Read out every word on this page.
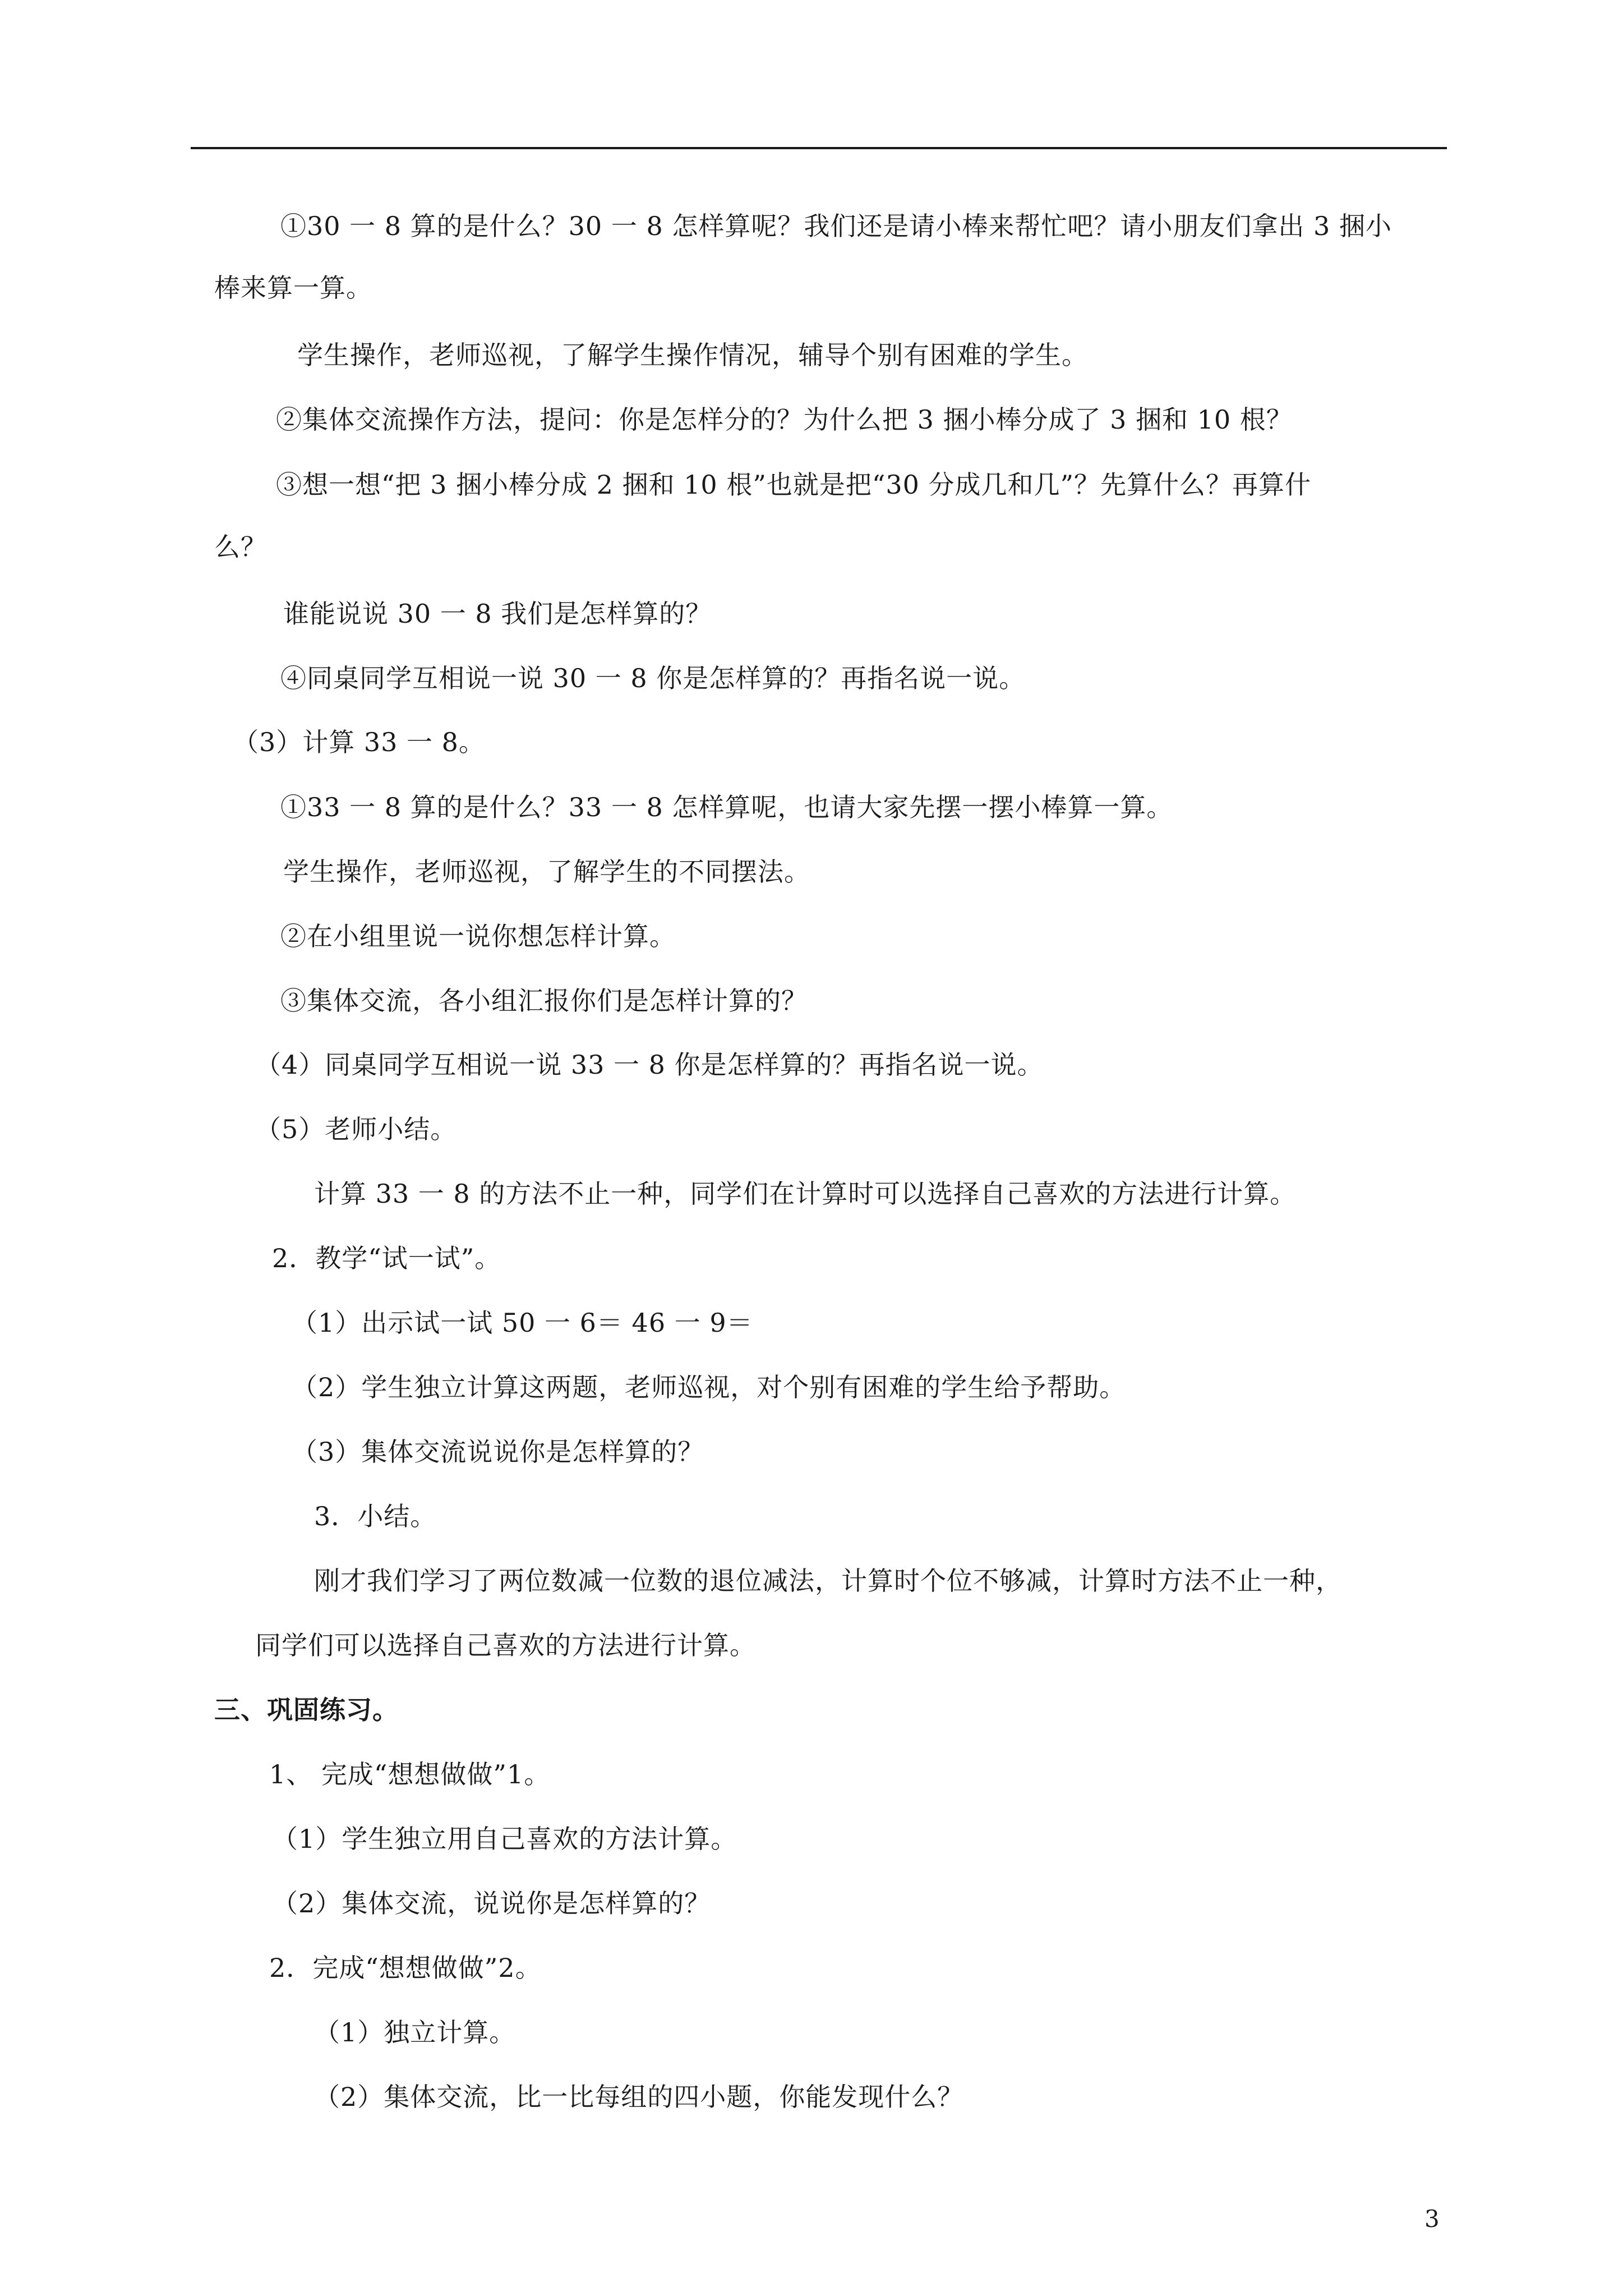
①30 一 8 算的是什么？30 一 8 怎样算呢？我们还是请小棒来帮忙吧？请小朋友们拿出 3 捆小
棒来算一算。
学生操作，老师巡视，了解学生操作情况，辅导个别有困难的学生。
②集体交流操作方法，提问：你是怎样分的？为什么把 3 捆小棒分成了 3 捆和 10 根？
③想一想“把 3 捆小棒分成 2 捆和 10 根”也就是把“30 分成几和几”？先算什么？再算什
么？
谁能说说 30 一 8 我们是怎样算的？
④同桌同学互相说一说 30 一 8 你是怎样算的？再指名说一说。
（3）计算 33 一 8。
①33 一 8 算的是什么？33 一 8 怎样算呢，也请大家先摆一摆小棒算一算。
学生操作，老师巡视，了解学生的不同摆法。
②在小组里说一说你想怎样计算。
③集体交流，各小组汇报你们是怎样计算的？
（4）同桌同学互相说一说 33 一 8 你是怎样算的？再指名说一说。
（5）老师小结。
计算 33 一 8 的方法不止一种，同学们在计算时可以选择自己喜欢的方法进行计算。
2．教学“试一试”。
（1）出示试一试 50 一 6＝ 46 一 9＝
（2）学生独立计算这两题，老师巡视，对个别有困难的学生给予帮助。
（3）集体交流说说你是怎样算的？
3．小结。
刚才我们学习了两位数减一位数的退位减法，计算时个位不够减，计算时方法不止一种，
同学们可以选择自己喜欢的方法进行计算。
三、巩固练习。
1、 完成“想想做做”1。
（1）学生独立用自己喜欢的方法计算。
（2）集体交流，说说你是怎样算的？
2．完成“想想做做”2。
（1）独立计算。
（2）集体交流，比一比每组的四小题，你能发现什么？
3
